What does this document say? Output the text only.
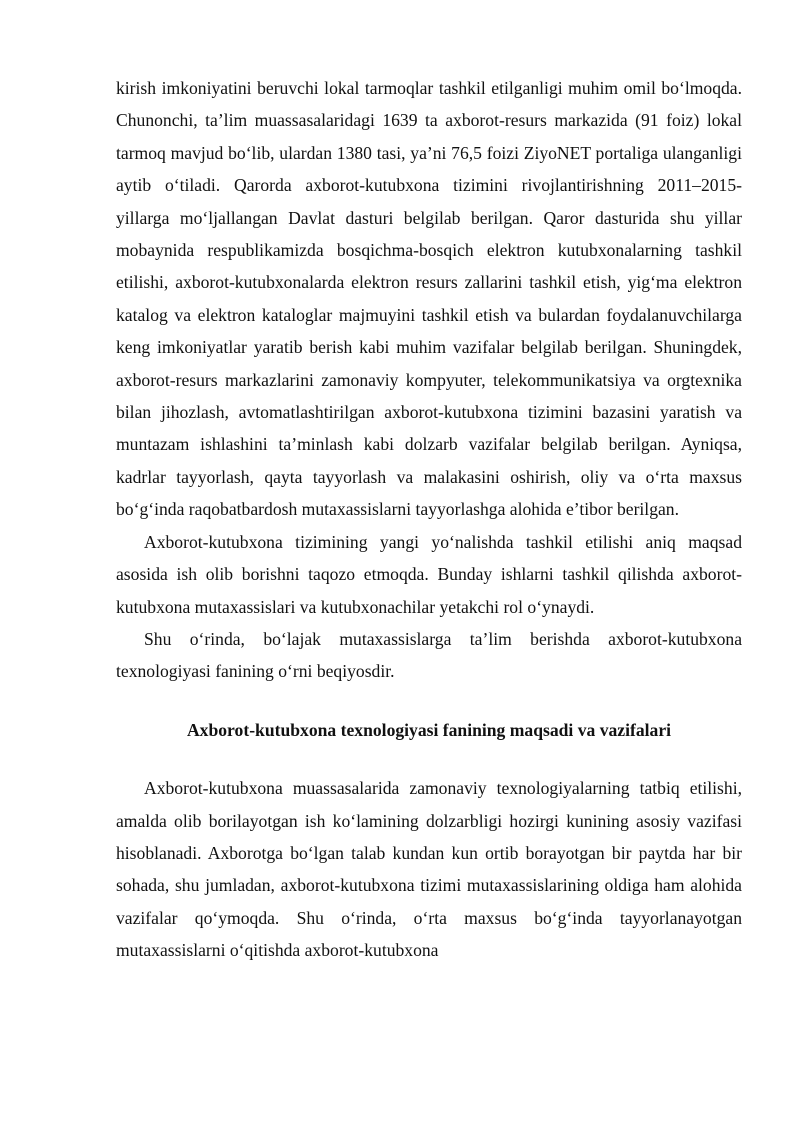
kirish imkoniyatini beruvchi lokal tarmoqlar tashkil etilganligi muhim omil bo‘lmoqda. Chunonchi, ta’lim muassasalaridagi 1639 ta axborot-resurs markazida (91 foiz) lokal tarmoq mavjud bo‘lib, ulardan 1380 tasi, ya’ni 76,5 foizi ZiyoNET portaliga ulanganligi aytib o‘tiladi. Qarorda axborot-kutubxona tizimini rivojlantirishning 2011–2015- yillarga mo‘ljallangan Davlat dasturi belgilab berilgan. Qaror dasturida shu yillar mobaynida respublikamizda bosqichma-bosqich elektron kutubxonalarning tashkil etilishi, axborot-kutubxonalarda elektron resurs zallarini tashkil etish, yig‘ma elektron katalog va elektron kataloglar majmuyini tashkil etish va bulardan foydalanuvchilarga keng imkoniyatlar yaratib berish kabi muhim vazifalar belgilab berilgan. Shuningdek, axborot-resurs markazlarini zamonaviy kompyuter, telekommunikatsiya va orgtexnika bilan jihozlash, avtomatlashtirilgan axborot-kutubxona tizimini bazasini yaratish va muntazam ishlashini ta’minlash kabi dolzarb vazifalar belgilab berilgan. Ayniqsa, kadrlar tayyorlash, qayta tayyorlash va malakasini oshirish, oliy va o‘rta maxsus bo‘g‘inda raqobatbardosh mutaxassislarni tayyorlashga alohida e’tibor berilgan.

Axborot-kutubxona tizimining yangi yo‘nalishda tashkil etilishi aniq maqsad asosida ish olib borishni taqozo etmoqda. Bunday ishlarni tashkil qilishda axborot-kutubxona mutaxassislari va kutubxonachilar yetakchi rol o‘ynaydi.

Shu o‘rinda, bo‘lajak mutaxassislarga ta’lim berishda axborot-kutubxona texnologiyasi fanining o‘rni beqiyosdir.

Axborot-kutubxona texnologiyasi fanining maqsadi va vazifalari

Axborot-kutubxona muassasalarida zamonaviy texnologiyalarning tatbiq etilishi, amalda olib borilayotgan ish ko‘lamining dolzarbligi hozirgi kunining asosiy vazifasi hisoblanadi. Axborotga bo‘lgan talab kundan kun ortib borayotgan bir paytda har bir sohada, shu jumladan, axborot-kutubxona tizimi mutaxassislarining oldiga ham alohida vazifalar qo‘ymoqda. Shu o‘rinda, o‘rta maxsus bo‘g‘inda tayyorlanayotgan mutaxassislarni o‘qitishda axborot-kutubxona
